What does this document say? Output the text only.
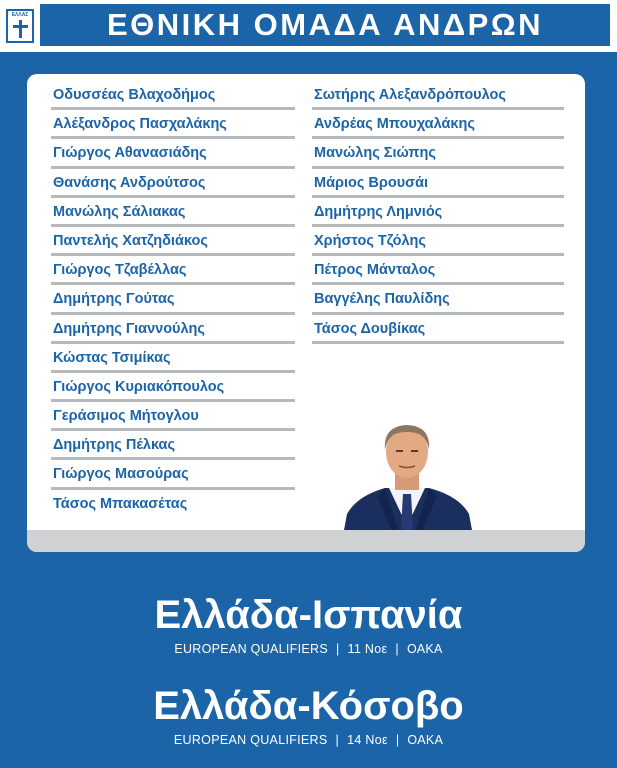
ΕΛΛΑΣ	ΕΘΝΙΚΗ ΟΜΑΔΑ ΑΝΔΡΩΝ
Οδυσσέας Βλαχοδήμος
Αλέξανδρος Πασχαλάκης
Γιώργος Αθανασιάδης
Θανάσης Ανδρούτσος
Μανώλης Σάλιακας
Παντελής Χατζηδιάκος
Γιώργος Τζαβέλλας
Δημήτρης Γούτας
Δημήτρης Γιαννούλης
Κώστας Τσιμίκας
Γιώργος Κυριακόπουλος
Γεράσιμος Μήτογλου
Δημήτρης Πέλκας
Γιώργος Μασούρας
Τάσος Μπακασέτας
Σωτήρης Αλεξανδρόπουλος
Ανδρέας Μπουχαλάκης
Μανώλης Σιώπης
Μάριος Βρουσάι
Δημήτρης Λημνιός
Χρήστος Τζόλης
Πέτρος Μάνταλος
Βαγγέλης Παυλίδης
Τάσος Δουβίκας
Ελλάδα-Ισπανία
EUROPEAN QUALIFIERS | 11 Νοε | ΟΑΚΑ
Ελλάδα-Κόσοβο
EUROPEAN QUALIFIERS | 14 Νοε | ΟΑΚΑ
